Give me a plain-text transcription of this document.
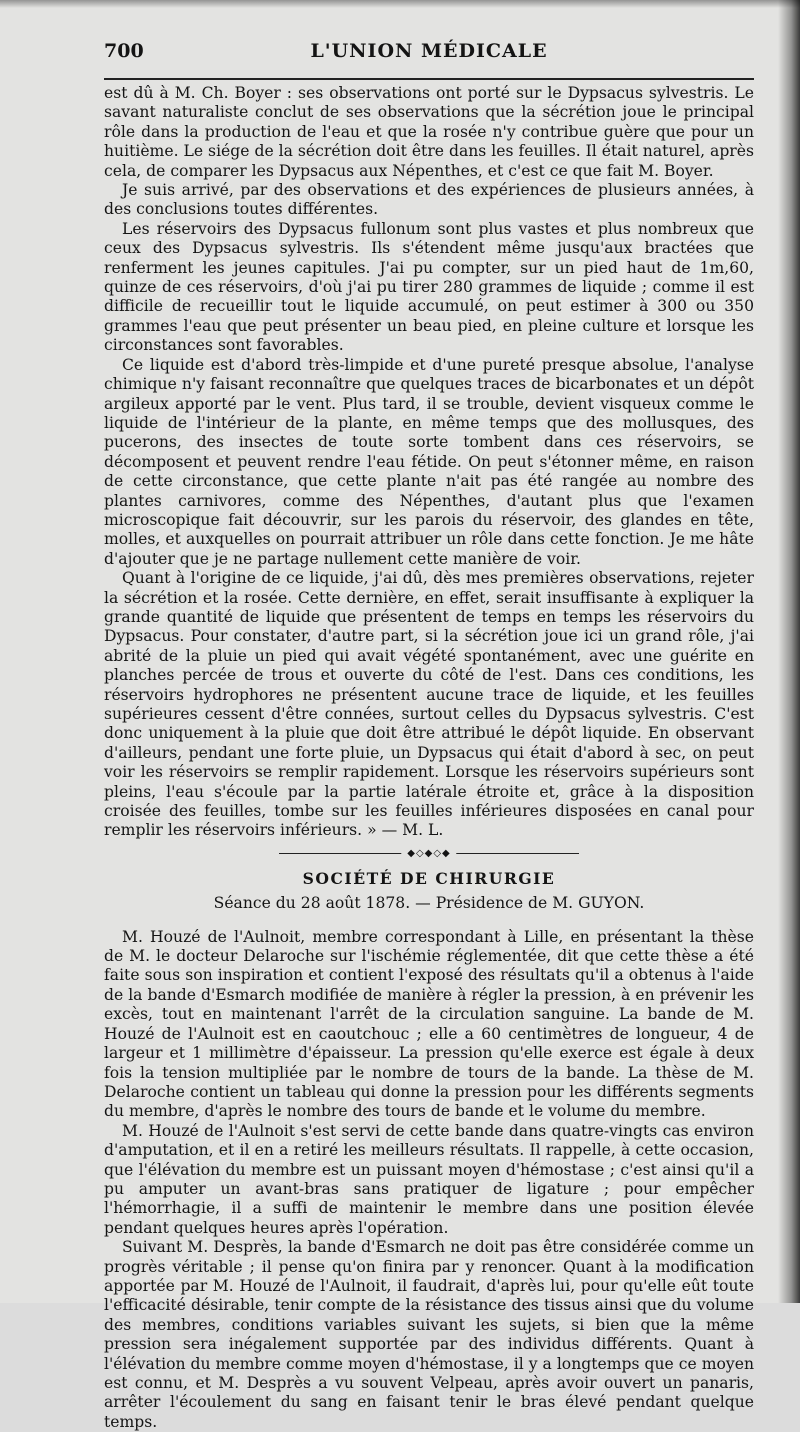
700	L'UNION MÉDICALE

est dû à M. Ch. Boyer : ses observations ont porté sur le Dypsacus sylvestris. Le savant naturaliste conclut de ses observations que la sécrétion joue le principal rôle dans la production de l'eau et que la rosée n'y contribue guère que pour un huitième. Le siége de la sécrétion doit être dans les feuilles. Il était naturel, après cela, de comparer les Dypsacus aux Népenthes, et c'est ce que fait M. Boyer.

Je suis arrivé, par des observations et des expériences de plusieurs années, à des conclusions toutes différentes.

Les réservoirs des Dypsacus fullonum sont plus vastes et plus nombreux que ceux des Dypsacus sylvestris. Ils s'étendent même jusqu'aux bractées que renferment les jeunes capitules. J'ai pu compter, sur un pied haut de 1m,60, quinze de ces réservoirs, d'où j'ai pu tirer 280 grammes de liquide ; comme il est difficile de recueillir tout le liquide accumulé, on peut estimer à 300 ou 350 grammes l'eau que peut présenter un beau pied, en pleine culture et lorsque les circonstances sont favorables.

Ce liquide est d'abord très-limpide et d'une pureté presque absolue, l'analyse chimique n'y faisant reconnaître que quelques traces de bicarbonates et un dépôt argileux apporté par le vent. Plus tard, il se trouble, devient visqueux comme le liquide de l'intérieur de la plante, en même temps que des mollusques, des pucerons, des insectes de toute sorte tombent dans ces réservoirs, se décomposent et peuvent rendre l'eau fétide. On peut s'étonner même, en raison de cette circonstance, que cette plante n'ait pas été rangée au nombre des plantes carnivores, comme des Népenthes, d'autant plus que l'examen microscopique fait découvrir, sur les parois du réservoir, des glandes en tête, molles, et auxquelles on pourrait attribuer un rôle dans cette fonction. Je me hâte d'ajouter que je ne partage nullement cette manière de voir.

Quant à l'origine de ce liquide, j'ai dû, dès mes premières observations, rejeter la sécrétion et la rosée. Cette dernière, en effet, serait insuffisante à expliquer la grande quantité de liquide que présentent de temps en temps les réservoirs du Dypsacus. Pour constater, d'autre part, si la sécrétion joue ici un grand rôle, j'ai abrité de la pluie un pied qui avait végété spontanément, avec une guérite en planches percée de trous et ouverte du côté de l'est. Dans ces conditions, les réservoirs hydrophores ne présentent aucune trace de liquide, et les feuilles supérieures cessent d'être connées, surtout celles du Dypsacus sylvestris. C'est donc uniquement à la pluie que doit être attribué le dépôt liquide. En observant d'ailleurs, pendant une forte pluie, un Dypsacus qui était d'abord à sec, on peut voir les réservoirs se remplir rapidement. Lorsque les réservoirs supérieurs sont pleins, l'eau s'écoule par la partie latérale étroite et, grâce à la disposition croisée des feuilles, tombe sur les feuilles inférieures disposées en canal pour remplir les réservoirs inférieurs. » — M. L.

◆◇◆◇◆
SOCIÉTÉ DE CHIRURGIE
Séance du 28 août 1878. — Présidence de M. GUYON.

M. Houzé de l'Aulnoit, membre correspondant à Lille, en présentant la thèse de M. le docteur Delaroche sur l'ischémie réglementée, dit que cette thèse a été faite sous son inspiration et contient l'exposé des résultats qu'il a obtenus à l'aide de la bande d'Esmarch modifiée de manière à régler la pression, à en prévenir les excès, tout en maintenant l'arrêt de la circulation sanguine. La bande de M. Houzé de l'Aulnoit est en caoutchouc ; elle a 60 centimètres de longueur, 4 de largeur et 1 millimètre d'épaisseur. La pression qu'elle exerce est égale à deux fois la tension multipliée par le nombre de tours de la bande. La thèse de M. Delaroche contient un tableau qui donne la pression pour les différents segments du membre, d'après le nombre des tours de bande et le volume du membre.

M. Houzé de l'Aulnoit s'est servi de cette bande dans quatre-vingts cas environ d'amputation, et il en a retiré les meilleurs résultats. Il rappelle, à cette occasion, que l'élévation du membre est un puissant moyen d'hémostase ; c'est ainsi qu'il a pu amputer un avant-bras sans pratiquer de ligature ; pour empêcher l'hémorrhagie, il a suffi de maintenir le membre dans une position élevée pendant quelques heures après l'opération.

Suivant M. Desprès, la bande d'Esmarch ne doit pas être considérée comme un progrès véritable ; il pense qu'on finira par y renoncer. Quant à la modification apportée par M. Houzé de l'Aulnoit, il faudrait, d'après lui, pour qu'elle eût toute l'efficacité désirable, tenir compte de la résistance des tissus ainsi que du volume des membres, conditions variables suivant les sujets, si bien que la même pression sera inégalement supportée par des individus différents. Quant à l'élévation du membre comme moyen d'hémostase, il y a longtemps que ce moyen est connu, et M. Desprès a vu souvent Velpeau, après avoir ouvert un panaris, arrêter l'écoulement du sang en faisant tenir le bras élevé pendant quelque temps.
